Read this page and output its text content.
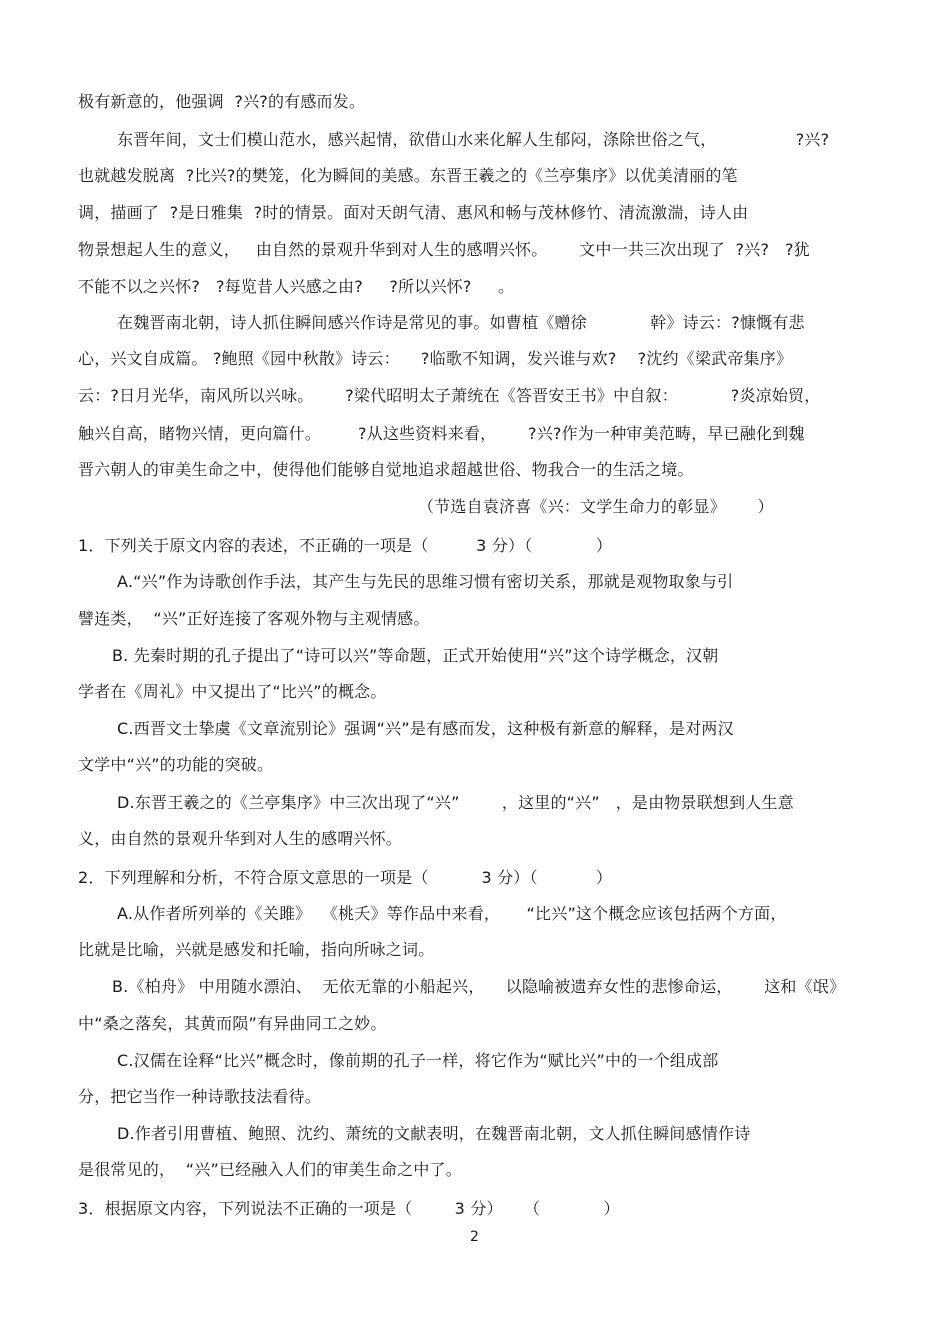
极有新意的，他强调  ?兴?的有感而发。
东晋年间，文士们模山范水，感兴起情，欲借山水来化解人生郁闷，涤除世俗之气，               ?兴?
也就越发脱离  ?比兴?的樊笼，化为瞬间的美感。东晋王羲之的《兰亭集序》以优美清丽的笔
调，描画了  ?是日雅集  ?时的情景。面对天朗气清、惠风和畅与茂林修竹、清流激湍，诗人由
物景想起人生的意义，   由自然的景观升华到对人生的感喟兴怀。      文中一共三次出现了  ?兴?   ?犹
不能不以之兴怀?   ?每览昔人兴感之由?     ?所以兴怀?     。
在魏晋南北朝，诗人抓住瞬间感兴作诗是常见的事。如曹植《赠徐            幹》诗云：?慷慨有悲
心，兴文自成篇。 ?鲍照《园中秋散》诗云：    ?临歌不知调，发兴谁与欢?    ?沈约《梁武帝集序》
云：?日月光华，南风所以兴咏。      ?梁代昭明太子萧统在《答晋安王书》中自叙：          ?炎凉始贸，
触兴自高，睹物兴情，更向篇什。       ?从这些资料来看，      ?兴?作为一种审美范畴，早已融化到魏
晋六朝人的审美生命之中，使得他们能够自觉地追求超越世俗、物我合一的生活之境。
（节选自袁济喜《兴：文学生命力的彰显》      ）
1．下列关于原文内容的表述，不正确的一项是（         3 分）（            ）
A.“兴”作为诗歌创作手法，其产生与先民的思维习惯有密切关系，那就是观物取象与引
譬连类，  “兴”正好连接了客观外物与主观情感。
B. 先秦时期的孔子提出了“诗可以兴”等命题，正式开始使用“兴”这个诗学概念，汉朝
学者在《周礼》中又提出了“比兴”的概念。
C.西晋文士挚虞《文章流别论》强调“兴”是有感而发，这种极有新意的解释，是对两汉
文学中“兴”的功能的突破。
D.东晋王羲之的《兰亭集序》中三次出现了“兴”        ，这里的“兴”   ，是由物景联想到人生意
义，由自然的景观升华到对人生的感喟兴怀。
2．下列理解和分析，不符合原文意思的一项是（          3 分）（           ）
A.从作者所列举的《关雎》  《桃夭》等作品中来看，     “比兴”这个概念应该包括两个方面，
比就是比喻，兴就是感发和托喻，指向所咏之词。
B.《柏舟》 中用随水漂泊、  无依无靠的小船起兴，    以隐喻被遗弃女性的悲惨命运，      这和《氓》
中“桑之落矣，其黄而陨”有异曲同工之妙。
C.汉儒在诠释“比兴”概念时，像前期的孔子一样，将它作为“赋比兴”中的一个组成部
分，把它当作一种诗歌技法看待。
D.作者引用曹植、鲍照、沈约、萧统的文献表明，在魏晋南北朝，文人抓住瞬间感情作诗
是很常见的，  “兴”已经融入人们的审美生命之中了。
3．根据原文内容，下列说法不正确的一项是（        3 分）    （            ）
2
